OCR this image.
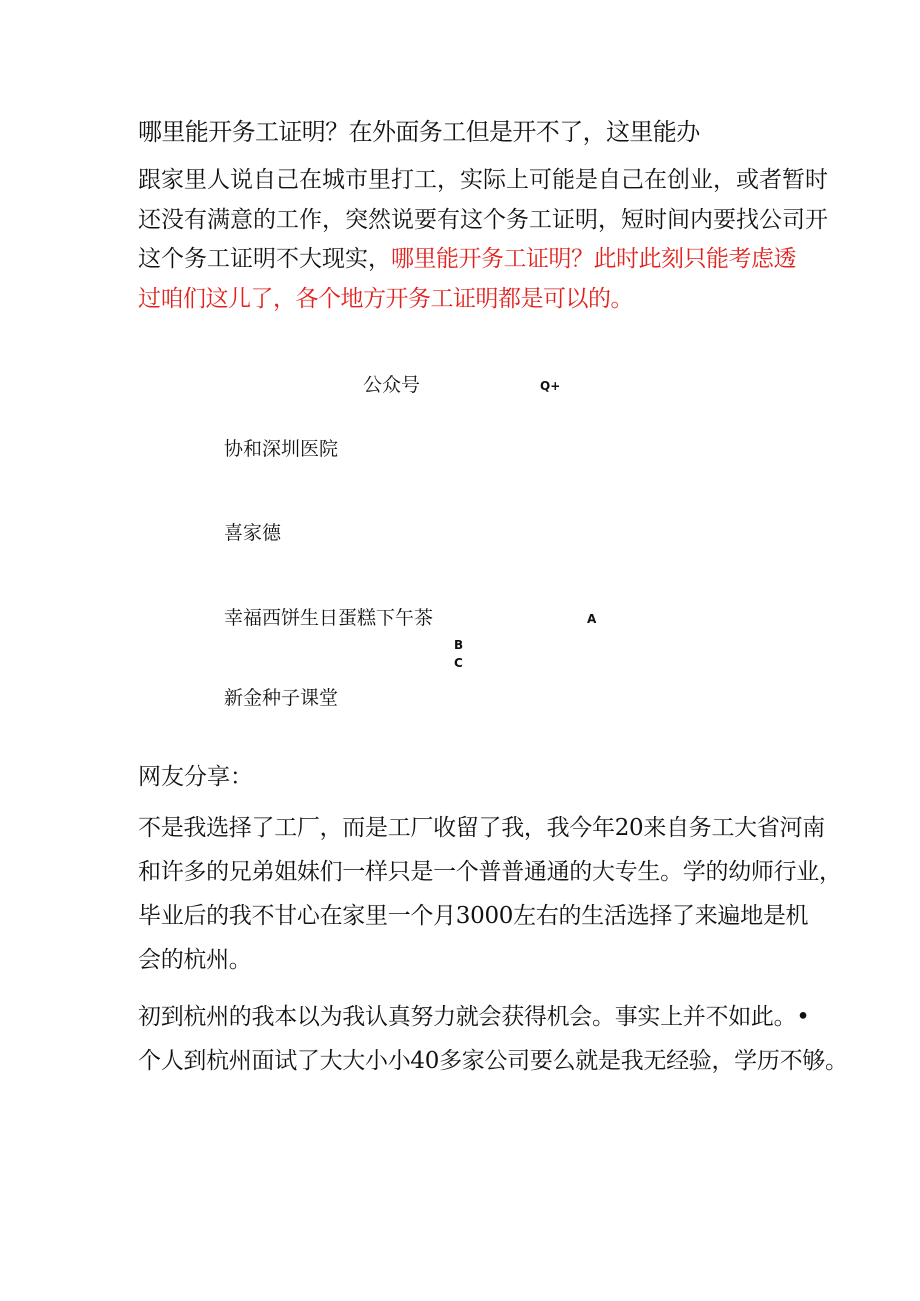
哪里能开务工证明？在外面务工但是开不了，这里能办

跟家里人说自己在城市里打工，实际上可能是自己在创业，或者暂时
还没有满意的工作，突然说要有这个务工证明，短时间内要找公司开
这个务工证明不大现实，哪里能开务工证明？此时此刻只能考虑透
过咱们这儿了，各个地方开务工证明都是可以的。

公众号	Q+
协和深圳医院
喜家德
幸福西饼生日蛋糕下午茶	A
B
C
新金种子课堂
网友分享：

不是我选择了工厂，而是工厂收留了我，我今年20来自务工大省河南
和许多的兄弟姐妹们一样只是一个普普通通的大专生。学的幼师行业，
毕业后的我不甘心在家里一个月3000左右的生活选择了来遍地是机
会的杭州。

初到杭州的我本以为我认真努力就会获得机会。事实上并不如此。•
个人到杭州面试了大大小小40多家公司要么就是我无经验，学历不够。
